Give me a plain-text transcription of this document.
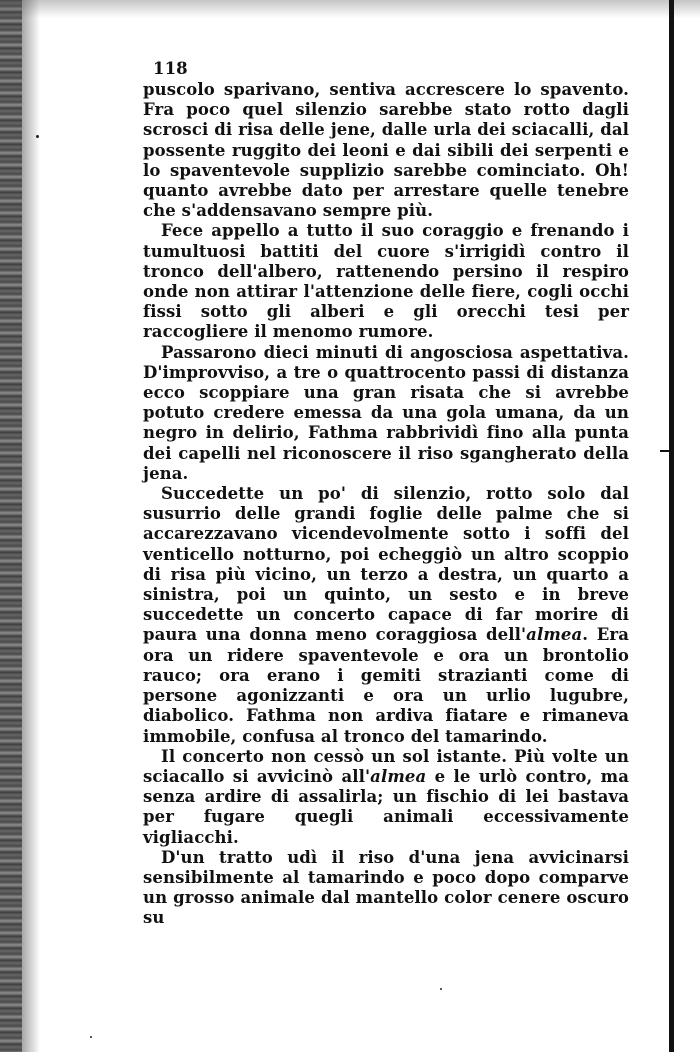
118

puscolo sparivano, sentiva accrescere lo spavento. Fra poco quel silenzio sarebbe stato rotto dagli scrosci di risa delle jene, dalle urla dei sciacalli, dal possente ruggito dei leoni e dai sibili dei serpenti e lo spaventevole supplizio sarebbe cominciato. Oh! quanto avrebbe dato per arrestare quelle tenebre che s'addensavano sempre più.

Fece appello a tutto il suo coraggio e frenando i tumultuosi battiti del cuore s'irrigidì contro il tronco dell'albero, rattenendo persino il respiro onde non attirar l'attenzione delle fiere, cogli occhi fissi sotto gli alberi e gli orecchi tesi per raccogliere il menomo rumore.

Passarono dieci minuti di angosciosa aspettativa. D'improvviso, a tre o quattrocento passi di distanza ecco scoppiare una gran risata che si avrebbe potuto credere emessa da una gola umana, da un negro in delirio, Fathma rabbrividì fino alla punta dei capelli nel riconoscere il riso sgangherato della jena.

Succedette un po' di silenzio, rotto solo dal susurrio delle grandi foglie delle palme che si accarezzavano vicendevolmente sotto i soffi del venticello notturno, poi echeggiò un altro scoppio di risa più vicino, un terzo a destra, un quarto a sinistra, poi un quinto, un sesto e in breve succedette un concerto capace di far morire di paura una donna meno coraggiosa dell'almea. Era ora un ridere spaventevole e ora un brontolio rauco; ora erano i gemiti strazianti come di persone agonizzanti e ora un urlio lugubre, diabolico. Fathma non ardiva fiatare e rimaneva immobile, confusa al tronco del tamarindo.

Il concerto non cessò un sol istante. Più volte un sciacallo si avvicinò all'almea e le urlò contro, ma senza ardire di assalirla; un fischio di lei bastava per fugare quegli animali eccessivamente vigliacchi.

D'un tratto udì il riso d'una jena avvicinarsi sensibilmente al tamarindo e poco dopo comparve un grosso animale dal mantello color cenere oscuro su
